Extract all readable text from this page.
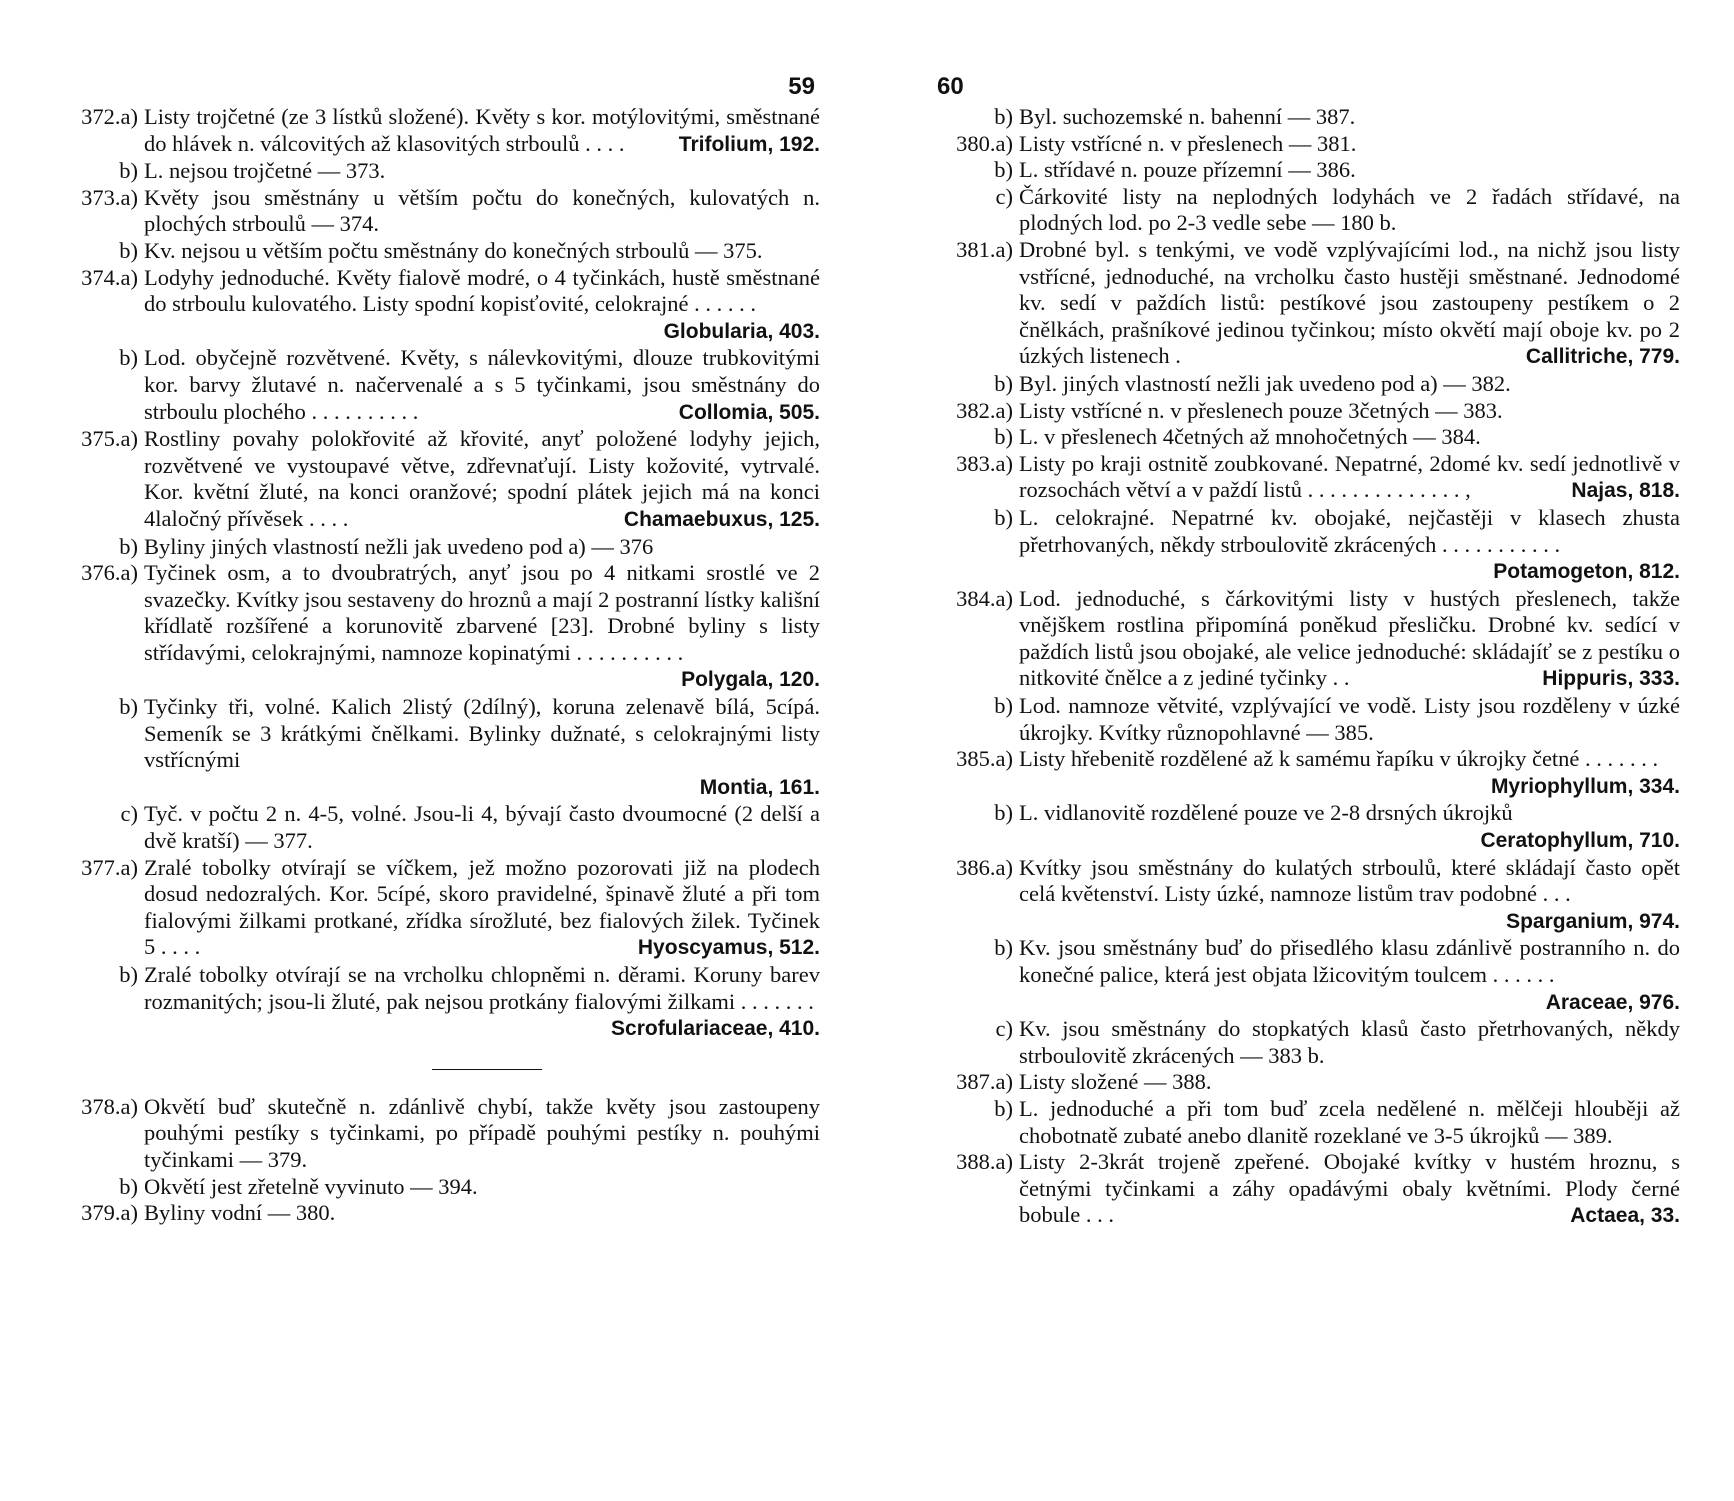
59
372.a) Listy trojčetné (ze 3 lístků složené). Květy s kor. motýlovitými, směstnané do hlávek n. válcovitých až klasovitých strboulů . . . .	Trifolium, 192.
b) L. nejsou trojčetné — 373.
373.a) Květy jsou směstnány u větším počtu do konečných, kulovatých n. plochých strboulů — 374.
b) Kv. nejsou u větším počtu směstnány do konečných strboulů — 375.
374.a) Lodyhy jednoduché. Květy fialově modré, o 4 tyčinkách, hustě směstnané do strboulu kulovatého. Listy spodní kopisťovité, celokrajné . . . . . .
Globularia, 403.
b) Lod. obyčejně rozvětvené. Květy, s nálevkovitými, dlouze trubkovitými kor. barvy žlutavé n. načervenalé a s 5 tyčinkami, jsou směstnány do strboulu plochého . . . . . . . . . .	Collomia, 505.
375.a) Rostliny povahy polokřovité až křovité, anyť položené lodyhy jejich, rozvětvené ve vystoupavé větve, zdřevnaťují. Listy kožovité, vytrvalé. Kor. květní žluté, na konci oranžové; spodní plátek jejich má na konci 4laločný přívěsek . . . .	Chamaebuxus, 125.
b) Byliny jiných vlastností nežli jak uvedeno pod a) — 376
376.a) Tyčinek osm, a to dvoubratrých, anyť jsou po 4 nitkami srostlé ve 2 svazečky. Kvítky jsou sestaveny do hroznů a mají 2 postranní lístky kališní křídlatě rozšířené a korunovitě zbarvené [23]. Drobné byliny s listy střídavými, celokrajnými, namnoze kopinatými . . . . . . . . . .
Polygala, 120.
b) Tyčinky tři, volné. Kalich 2listý (2dílný), koruna zelenavě bílá, 5cípá. Semeník se 3 krátkými čnělkami. Bylinky dužnaté, s celokrajnými listy vstřícnými
Montia, 161.
c) Tyč. v počtu 2 n. 4-5, volné. Jsou-li 4, bývají často dvoumocné (2 delší a dvě kratší) — 377.
377.a) Zralé tobolky otvírají se víčkem, jež možno pozorovati již na plodech dosud nedozralých. Kor. 5cípé, skoro pravidelné, špinavě žluté a při tom fialovými žilkami protkané, zřídka sírožluté, bez fialových žilek. Tyčinek 5 . . . .	Hyoscyamus, 512.
b) Zralé tobolky otvírají se na vrcholku chlopněmi n. děrami. Koruny barev rozmanitých; jsou-li žluté, pak nejsou protkány fialovými žilkami . . . . . . .
Scrofulariaceae, 410.
378.a) Okvětí buď skutečně n. zdánlivě chybí, takže květy jsou zastoupeny pouhými pestíky s tyčinkami, po případě pouhými pestíky n. pouhými tyčinkami — 379.
b) Okvětí jest zřetelně vyvinuto — 394.
379.a) Byliny vodní — 380.
60
b) Byl. suchozemské n. bahenní — 387.
380.a) Listy vstřícné n. v přeslenech — 381.
b) L. střídavé n. pouze přízemní — 386.
c) Čárkovité listy na neplodných lodyhách ve 2 řadách střídavé, na plodných lod. po 2-3 vedle sebe — 180 b.
381.a) Drobné byl. s tenkými, ve vodě vzplývajícími lod., na nichž jsou listy vstřícné, jednoduché, na vrcholku často hustěji směstnané. Jednodomé kv. sedí v paždích listů: pestíkové jsou zastoupeny pestíkem o 2 čnělkách, prašníkové jedinou tyčinkou; místo okvětí mají oboje kv. po 2 úzkých listenech .	Callitriche, 779.
b) Byl. jiných vlastností nežli jak uvedeno pod a) — 382.
382.a) Listy vstřícné n. v přeslenech pouze 3četných — 383.
b) L. v přeslenech 4četných až mnohočetných — 384.
383.a) Listy po kraji ostnitě zoubkované. Nepatrné, 2domé kv. sedí jednotlivě v rozsochách větví a v paždí listů . . . . . . . . . . . . . . ,	Najas, 818.
b) L. celokrajné. Nepatrné kv. obojaké, nejčastěji v klasech zhusta přetrhovaných, někdy strboulovitě zkrácených . . . . . . . . . . .
Potamogeton, 812.
384.a) Lod. jednoduché, s čárkovitými listy v hustých přeslenech, takže vnějškem rostlina připomíná poněkud přesličku. Drobné kv. sedící v paždích listů jsou obojaké, ale velice jednoduché: skládajíť se z pestíku o nitkovité čnělce a z jediné tyčinky . .	Hippuris, 333.
b) Lod. namnoze větvité, vzplývající ve vodě. Listy jsou rozděleny v úzké úkrojky. Kvítky různopohlavné — 385.
385.a) Listy hřebenitě rozdělené až k samému řapíku v úkrojky četné . . . . . . .
Myriophyllum, 334.
b) L. vidlanovitě rozdělené pouze ve 2-8 drsných úkrojků
Ceratophyllum, 710.
386.a) Kvítky jsou směstnány do kulatých strboulů, které skládají často opět celá květenství. Listy úzké, namnoze listům trav podobné . . .
Sparganium, 974.
b) Kv. jsou směstnány buď do přisedlého klasu zdánlivě postranního n. do konečné palice, která jest objata lžicovitým toulcem . . . . . .
Araceae, 976.
c) Kv. jsou směstnány do stopkatých klasů často přetrhovaných, někdy strboulovitě zkrácených — 383 b.
387.a) Listy složené — 388.
b) L. jednoduché a při tom buď zcela nedělené n. mělčeji hlouběji až chobotnatě zubaté anebo dlanitě rozeklané ve 3-5 úkrojků — 389.
388.a) Listy 2-3krát trojeně zpeřené. Obojaké kvítky v hustém hroznu, s četnými tyčinkami a záhy opadávými obaly květními. Plody černé bobule . . .	Actaea, 33.
